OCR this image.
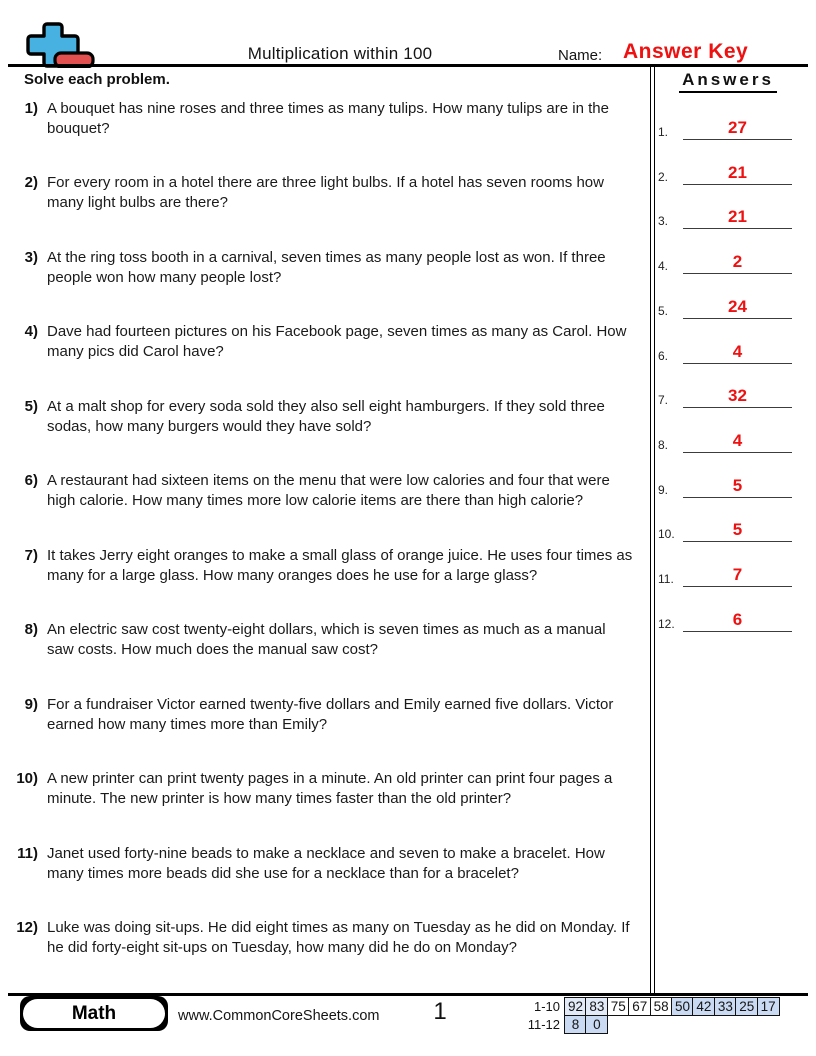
Multiplication within 100	Name: Answer Key
Solve each problem.	Answers
1.	27
2.	21
3.	21
4.	2
5.	24
6.	4
7.	32
8.	4
9.	5
10.	5
11.	7
12.	6
1) A bouquet has nine roses and three times as many tulips. How many tulips are in the bouquet?
2) For every room in a hotel there are three light bulbs. If a hotel has seven rooms how many light bulbs are there?
3) At the ring toss booth in a carnival, seven times as many people lost as won. If three people won how many people lost?
4) Dave had fourteen pictures on his Facebook page, seven times as many as Carol. How many pics did Carol have?
5) At a malt shop for every soda sold they also sell eight hamburgers. If they sold three sodas, how many burgers would they have sold?
6) A restaurant had sixteen items on the menu that were low calories and four that were high calorie. How many times more low calorie items are there than high calorie?
7) It takes Jerry eight oranges to make a small glass of orange juice. He uses four times as many for a large glass. How many oranges does he use for a large glass?
8) An electric saw cost twenty-eight dollars, which is seven times as much as a manual saw costs. How much does the manual saw cost?
9) For a fundraiser Victor earned twenty-five dollars and Emily earned five dollars. Victor earned how many times more than Emily?
10) A new printer can print twenty pages in a minute. An old printer can print four pages a minute. The new printer is how many times faster than the old printer?
11) Janet used forty-nine beads to make a necklace and seven to make a bracelet. How many times more beads did she use for a necklace than for a bracelet?
12) Luke was doing sit-ups. He did eight times as many on Tuesday as he did on Monday. If he did forty-eight sit-ups on Tuesday, how many did he do on Monday?
Math	www.CommonCoreSheets.com	1	1-10 92 83 75 67 58 50 42 33 25 17
11-12 8	0
